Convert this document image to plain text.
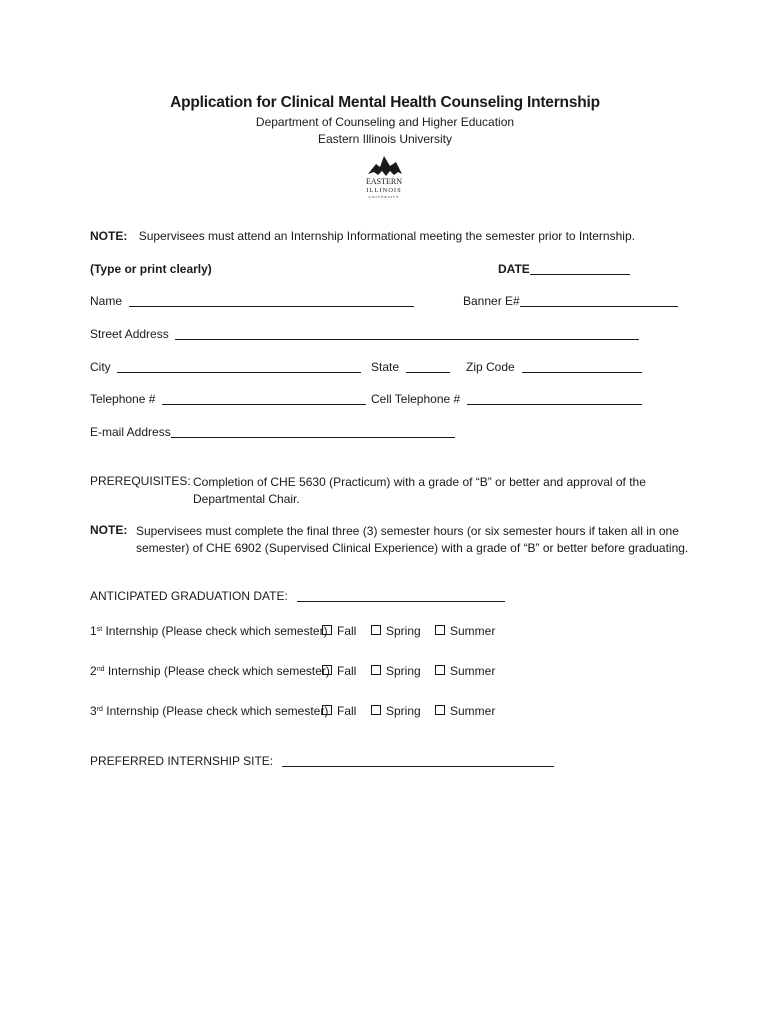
Application for Clinical Mental Health Counseling Internship
Department of Counseling and Higher Education
Eastern Illinois University
EASTERN
ILLINOIS
UNIVERSITY
NOTE: Supervisees must attend an Internship Informational meeting the semester prior to Internship.
(Type or print clearly)	DATE
Name	Banner E#
Street Address
City	State	Zip Code
Telephone #	Cell Telephone #
E-mail Address
PREREQUISITES: Completion of CHE 5630 (Practicum) with a grade of “B” or better and approval of the
Departmental Chair.
NOTE: Supervisees must complete the final three (3) semester hours (or six semester hours if taken all in one
semester) of CHE 6902 (Supervised Clinical Experience) with a grade of “B” or better before graduating.
ANTICIPATED GRADUATION DATE:
1st Internship (Please check which semester) Fall	Spring	Summer
2nd Internship (Please check which semester) Fall	Spring	Summer
3rd Internship (Please check which semester) Fall	Spring	Summer
PREFERRED INTERNSHIP SITE:
